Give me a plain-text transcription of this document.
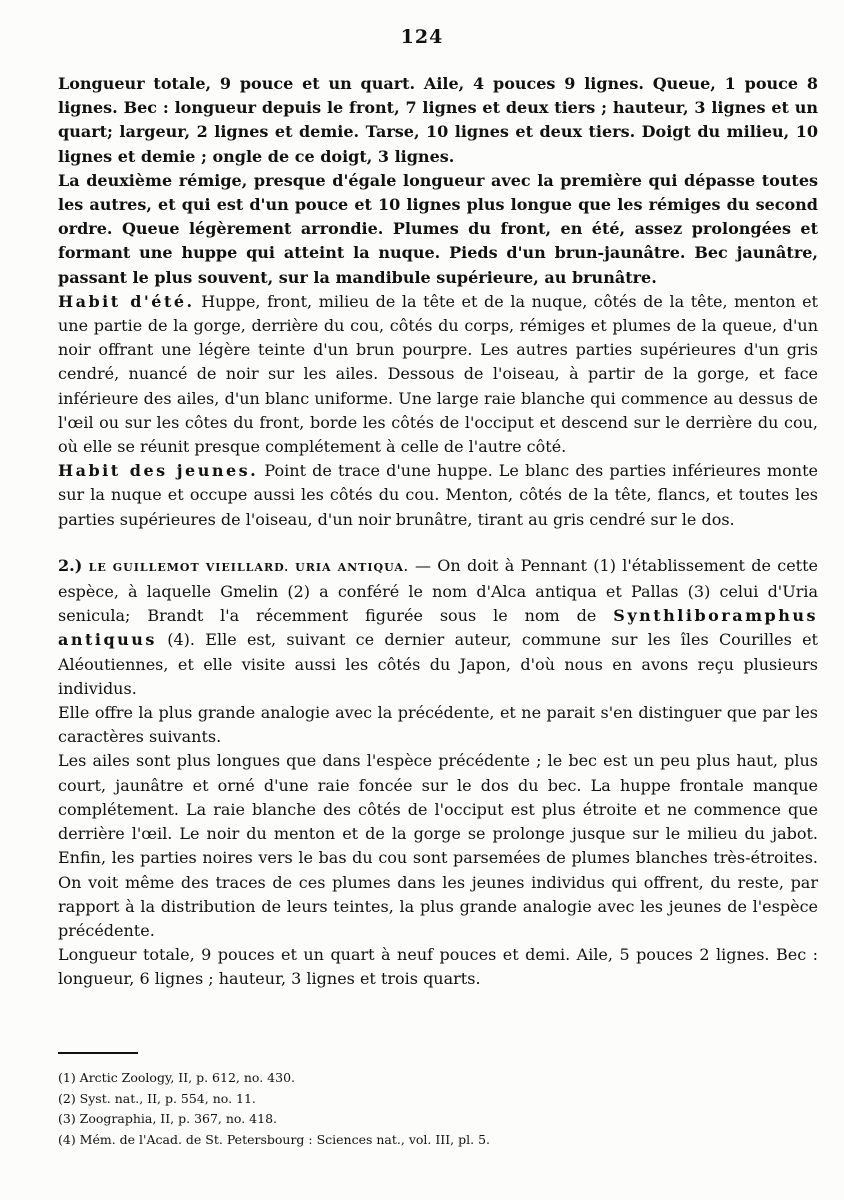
124

Longueur totale, 9 pouce et un quart. Aile, 4 pouces 9 lignes. Queue, 1 pouce 8 lignes. Bec : longueur depuis le front, 7 lignes et deux tiers ; hauteur, 3 lignes et un quart; largeur, 2 lignes et demie. Tarse, 10 lignes et deux tiers. Doigt du milieu, 10 lignes et demie ; ongle de ce doigt, 3 lignes.

La deuxième rémige, presque d'égale longueur avec la première qui dépasse toutes les autres, et qui est d'un pouce et 10 lignes plus longue que les rémiges du second ordre. Queue légèrement arrondie. Plumes du front, en été, assez prolongées et formant une huppe qui atteint la nuque. Pieds d'un brun-jaunâtre. Bec jaunâtre, passant le plus souvent, sur la mandibule supérieure, au brunâtre.

Habit d'été. Huppe, front, milieu de la tête et de la nuque, côtés de la tête, menton et une partie de la gorge, derrière du cou, côtés du corps, rémiges et plumes de la queue, d'un noir offrant une légère teinte d'un brun pourpre. Les autres parties supérieures d'un gris cendré, nuancé de noir sur les ailes. Dessous de l'oiseau, à partir de la gorge, et face inférieure des ailes, d'un blanc uniforme. Une large raie blanche qui commence au dessus de l'œil ou sur les côtes du front, borde les côtés de l'occiput et descend sur le derrière du cou, où elle se réunit presque complétement à celle de l'autre côté.

Habit des jeunes. Point de trace d'une huppe. Le blanc des parties inférieures monte sur la nuque et occupe aussi les côtés du cou. Menton, côtés de la tête, flancs, et toutes les parties supérieures de l'oiseau, d'un noir brunâtre, tirant au gris cendré sur le dos.

2.) LE GUILLEMOT VIEILLARD. URIA ANTIQUA. — On doit à Pennant (1) l'établissement de cette espèce, à laquelle Gmelin (2) a conféré le nom d'Alca antiqua et Pallas (3) celui d'Uria senicula; Brandt l'a récemment figurée sous le nom de Synthliboramphus antiquus (4). Elle est, suivant ce dernier auteur, commune sur les îles Courilles et Aléoutiennes, et elle visite aussi les côtés du Japon, d'où nous en avons reçu plusieurs individus.

Elle offre la plus grande analogie avec la précédente, et ne parait s'en distinguer que par les caractères suivants.

Les ailes sont plus longues que dans l'espèce précédente ; le bec est un peu plus haut, plus court, jaunâtre et orné d'une raie foncée sur le dos du bec. La huppe frontale manque complétement. La raie blanche des côtés de l'occiput est plus étroite et ne commence que derrière l'œil. Le noir du menton et de la gorge se prolonge jusque sur le milieu du jabot. Enfin, les parties noires vers le bas du cou sont parsemées de plumes blanches très-étroites. On voit même des traces de ces plumes dans les jeunes individus qui offrent, du reste, par rapport à la distribution de leurs teintes, la plus grande analogie avec les jeunes de l'espèce précédente.

Longueur totale, 9 pouces et un quart à neuf pouces et demi. Aile, 5 pouces 2 lignes. Bec : longueur, 6 lignes ; hauteur, 3 lignes et trois quarts.

(1) Arctic Zoology, II, p. 612, no. 430.

(2) Syst. nat., II, p. 554, no. 11.

(3) Zoographia, II, p. 367, no. 418.

(4) Mém. de l'Acad. de St. Petersbourg : Sciences nat., vol. III, pl. 5.
